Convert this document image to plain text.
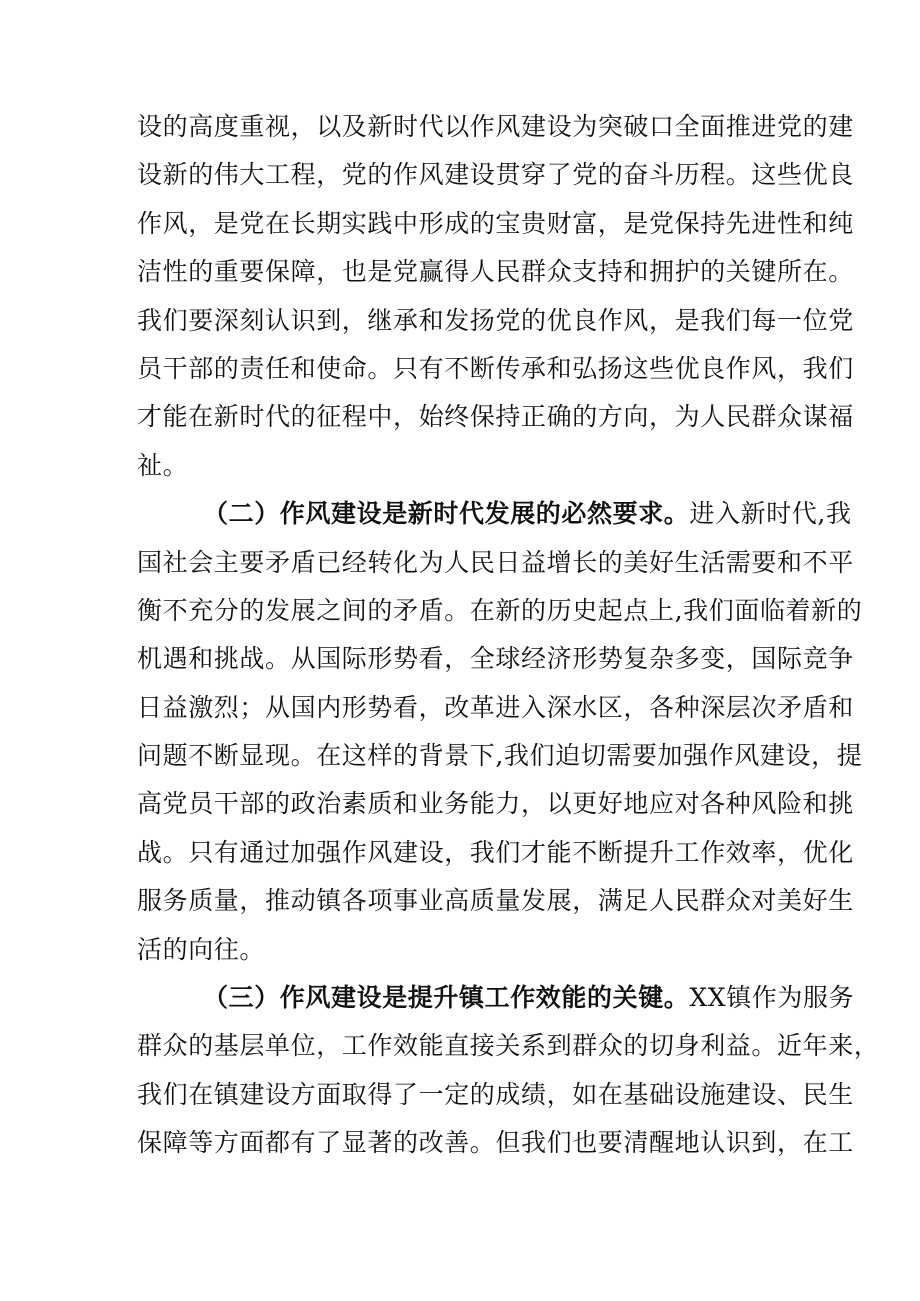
设的高度重视，以及新时代以作风建设为突破口全面推进党的建
设新的伟大工程，党的作风建设贯穿了党的奋斗历程。这些优良
作风，是党在长期实践中形成的宝贵财富，是党保持先进性和纯
洁性的重要保障，也是党赢得人民群众支持和拥护的关键所在。
我们要深刻认识到，继承和发扬党的优良作风，是我们每一位党
员干部的责任和使命。只有不断传承和弘扬这些优良作风，我们
才能在新时代的征程中，始终保持正确的方向，为人民群众谋福
祉。
（二）作风建设是新时代发展的必然要求。进入新时代,我
国社会主要矛盾已经转化为人民日益增长的美好生活需要和不平
衡不充分的发展之间的矛盾。在新的历史起点上,我们面临着新的
机遇和挑战。从国际形势看，全球经济形势复杂多变，国际竞争
日益激烈；从国内形势看，改革进入深水区，各种深层次矛盾和
问题不断显现。在这样的背景下,我们迫切需要加强作风建设，提
高党员干部的政治素质和业务能力，以更好地应对各种风险和挑
战。只有通过加强作风建设，我们才能不断提升工作效率，优化
服务质量，推动镇各项事业高质量发展，满足人民群众对美好生
活的向往。
（三）作风建设是提升镇工作效能的关键。XX镇作为服务
群众的基层单位，工作效能直接关系到群众的切身利益。近年来，
我们在镇建设方面取得了一定的成绩，如在基础设施建设、民生
保障等方面都有了显著的改善。但我们也要清醒地认识到，在工
